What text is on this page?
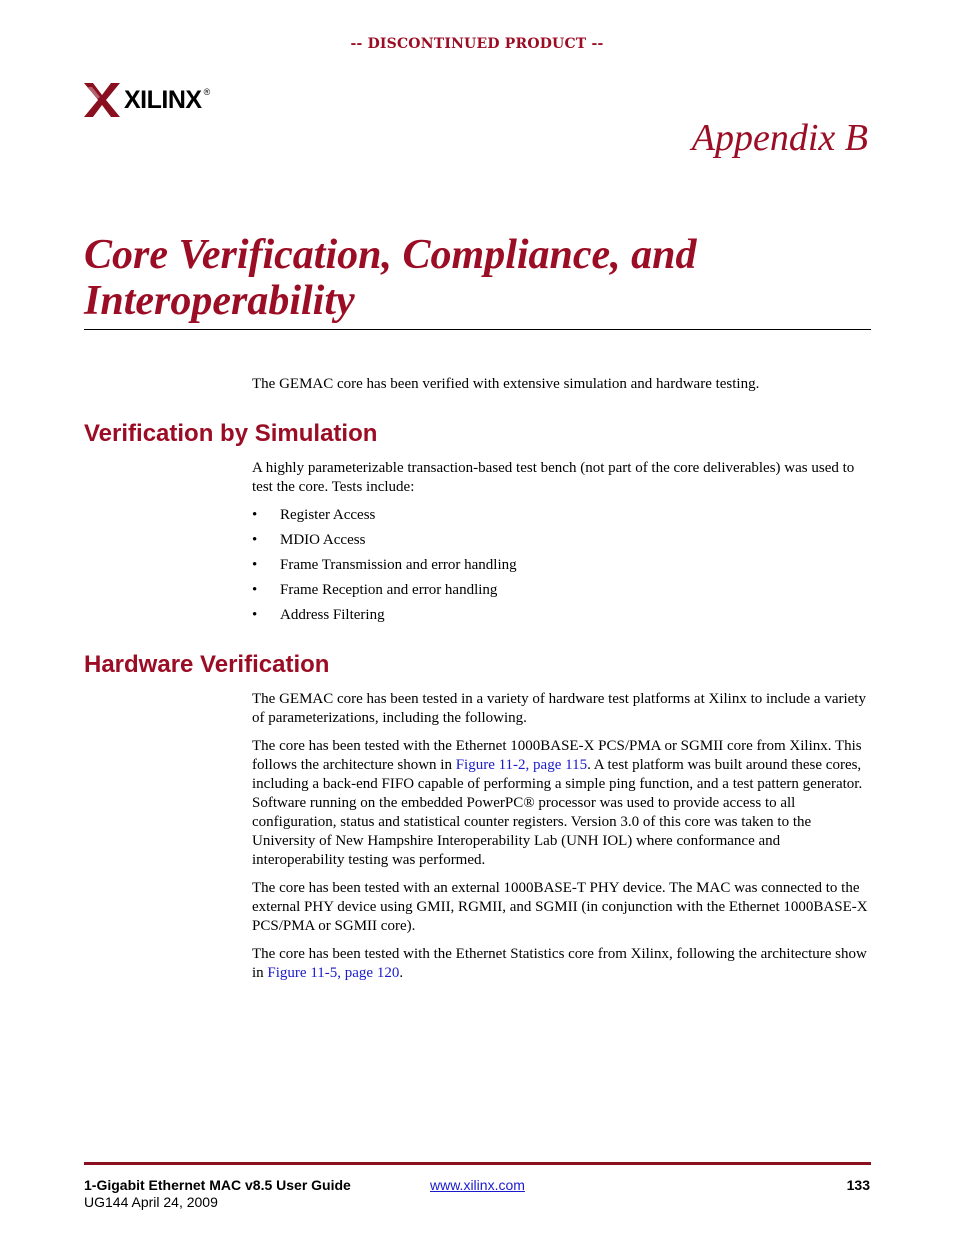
-- DISCONTINUED PRODUCT --
XILINX ®
Appendix B
Core Verification, Compliance, and Interoperability

The GEMAC core has been verified with extensive simulation and hardware testing.

Verification by Simulation

A highly parameterizable transaction-based test bench (not part of the core deliverables) was used to test the core. Tests include:

• Register Access
• MDIO Access
• Frame Transmission and error handling
• Frame Reception and error handling
• Address Filtering
Hardware Verification

The GEMAC core has been tested in a variety of hardware test platforms at Xilinx to include a variety of parameterizations, including the following.

The core has been tested with the Ethernet 1000BASE-X PCS/PMA or SGMII core from Xilinx. This follows the architecture shown in Figure 11-2, page 115. A test platform was built around these cores, including a back-end FIFO capable of performing a simple ping function, and a test pattern generator. Software running on the embedded PowerPC® processor was used to provide access to all configuration, status and statistical counter registers. Version 3.0 of this core was taken to the University of New Hampshire Interoperability Lab (UNH IOL) where conformance and interoperability testing was performed.

The core has been tested with an external 1000BASE-T PHY device. The MAC was connected to the external PHY device using GMII, RGMII, and SGMII (in conjunction with the Ethernet 1000BASE-X PCS/PMA or SGMII core).

The core has been tested with the Ethernet Statistics core from Xilinx, following the architecture show in Figure 11-5, page 120.

1-Gigabit Ethernet MAC v8.5 User Guide
UG144 April 24, 2009
www.xilinx.com	133
